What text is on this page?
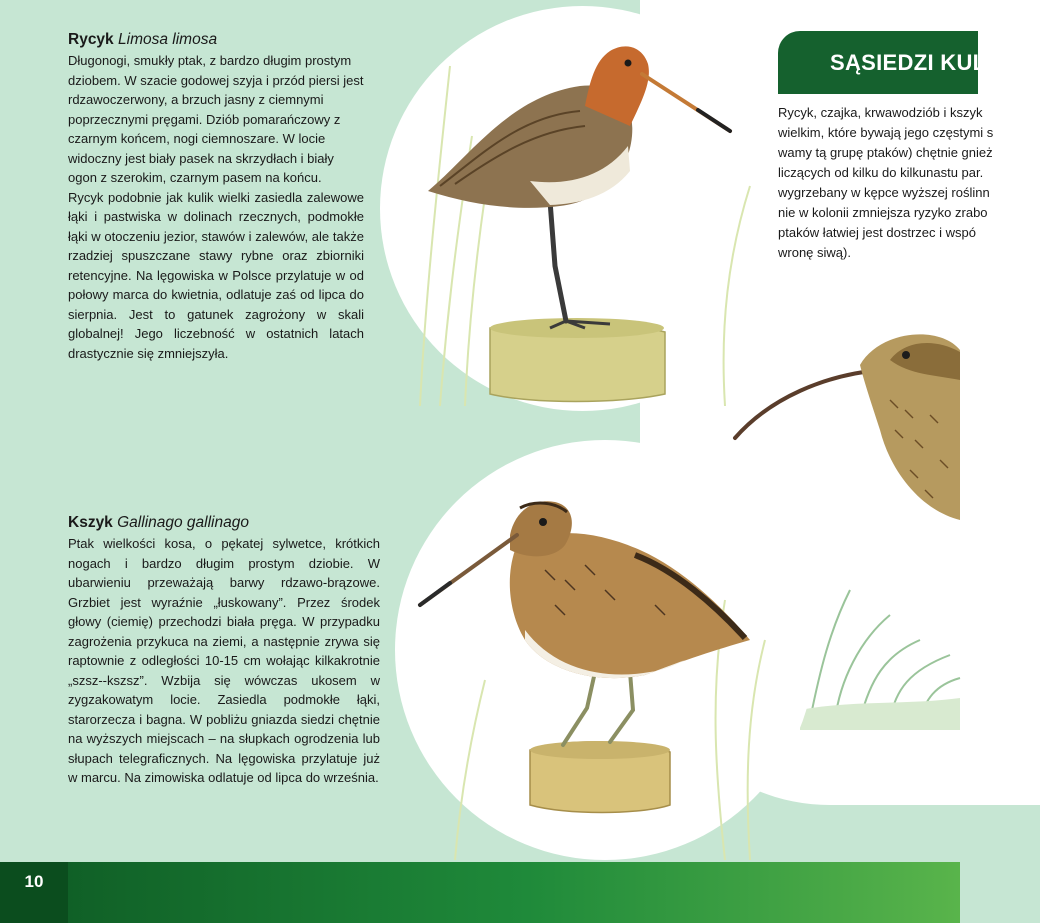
Rycyk Limosa limosa

Długonogi, smukły ptak, z bardzo długim prostym dziobem. W szacie godowej szyja i przód piersi jest rdzawoczerwony, a brzuch jasny z ciemnymi poprzecznymi pręgami. Dziób pomarańczowy z czarnym końcem, nogi ciemnoszare. W locie widoczny jest biały pasek na skrzydłach i biały ogon z szerokim, czarnym pasem na końcu.

Rycyk podobnie jak kulik wielki zasiedla zalewowe łąki i pastwiska w dolinach rzecznych, podmokłe łąki w otoczeniu jezior, stawów i zalewów, ale także rzadziej spuszczane stawy rybne oraz zbiorniki retencyjne. Na lęgowiska w Polsce przylatuje w od połowy marca do kwietnia, odlatuje zaś od lipca do sierpnia. Jest to gatunek zagrożony w skali globalnej! Jego liczebność w ostatnich latach drastycznie się zmniejszyła.

Kszyk Gallinago gallinago

Ptak wielkości kosa, o pękatej sylwetce, krótkich nogach i bardzo długim prostym dziobie. W ubarwieniu przeważają barwy rdzawo-brązowe. Grzbiet jest wyraźnie „łuskowany”. Przez środek głowy (ciemię) przechodzi biała pręga. W przypadku zagrożenia przykuca na ziemi, a następnie zrywa się raptownie z odległości 10-15 cm wołając kilkakrotnie „szsz--kszsz”. Wzbija się wówczas ukosem w zygzakowatym locie. Zasiedla podmokłe łąki, starorzecza i bagna. W pobliżu gniazda siedzi chętnie na wyższych miejscach – na słupkach ogrodzenia lub słupach telegraficznych. Na lęgowiska przylatuje już w marcu. Na zimowiska odlatuje od lipca do września.

SĄSIEDZI KULI
Rycyk, czajka, krwawodziób i kszyk
wielkim, które bywają jego częstymi s
wamy tą grupę ptaków) chętnie gnież
liczących od kilku do kilkunastu par.
wygrzebany w kępce wyższej roślinn
nie w kolonii zmniejsza ryzyko zrabo
ptaków łatwiej jest dostrzec i wspó
wronę siwą).
10
